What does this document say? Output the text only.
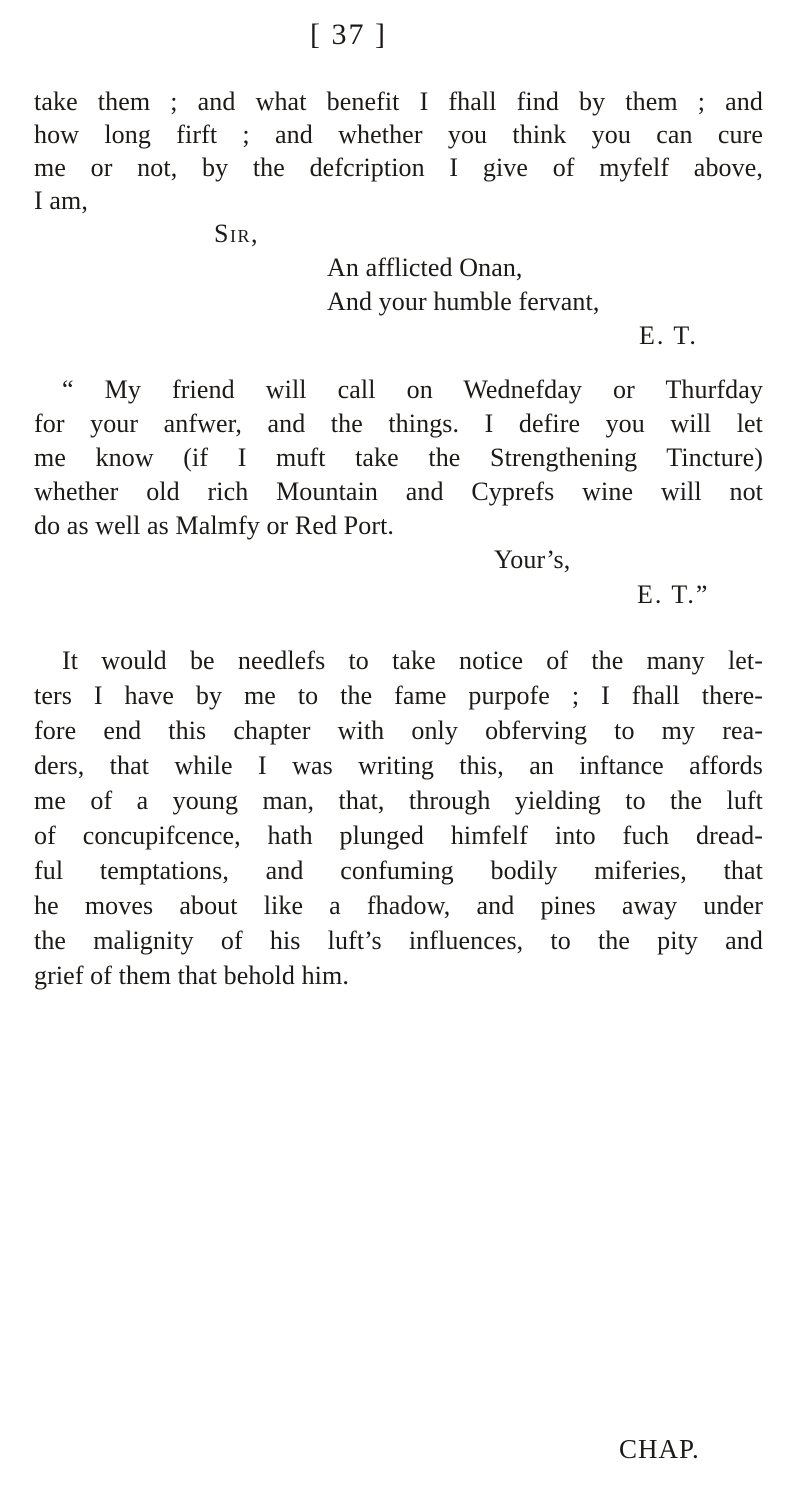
[ 37 ]
take them ; and what benefit I fhall find by them ; and
how long firft ; and whether you think you can cure
me or not, by the defcription I give of myfelf above,
I am,
Sir,
An afflicted Onan,
And your humble fervant,
E. T.
“ My friend will call on Wednefday or Thurfday
for your anfwer, and the things. I defire you will let
me know (if I muft take the Strengthening Tincture)
whether old rich Mountain and Cyprefs wine will not
do as well as Malmfy or Red Port.
Your’s,
E. T.”
It would be needlefs to take notice of the many let-
ters I have by me to the fame purpofe ; I fhall there-
fore end this chapter with only obferving to my rea-
ders, that while I was writing this, an inftance affords
me of a young man, that, through yielding to the luft
of concupifcence, hath plunged himfelf into fuch dread-
ful temptations, and confuming bodily miferies, that
he moves about like a fhadow, and pines away under
the malignity of his luft’s influences, to the pity and
grief of them that behold him.
CHAP.
